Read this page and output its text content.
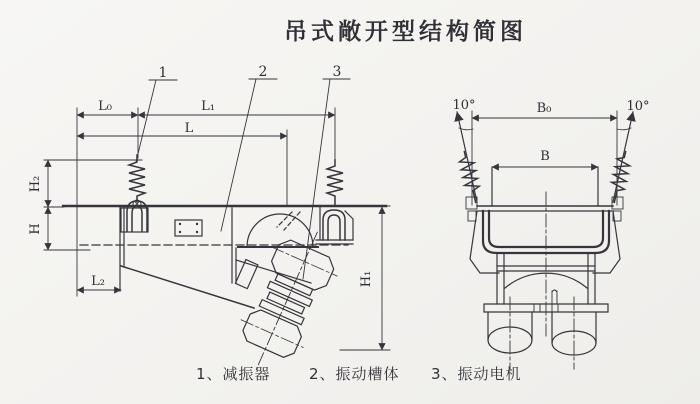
吊式敞开型结构简图
L₀	L₁
L
H₂
H
L₂	H₁
1	2	3
B₀
B
10°	10°
1、减振器	2、振动槽体 3、振动电机
